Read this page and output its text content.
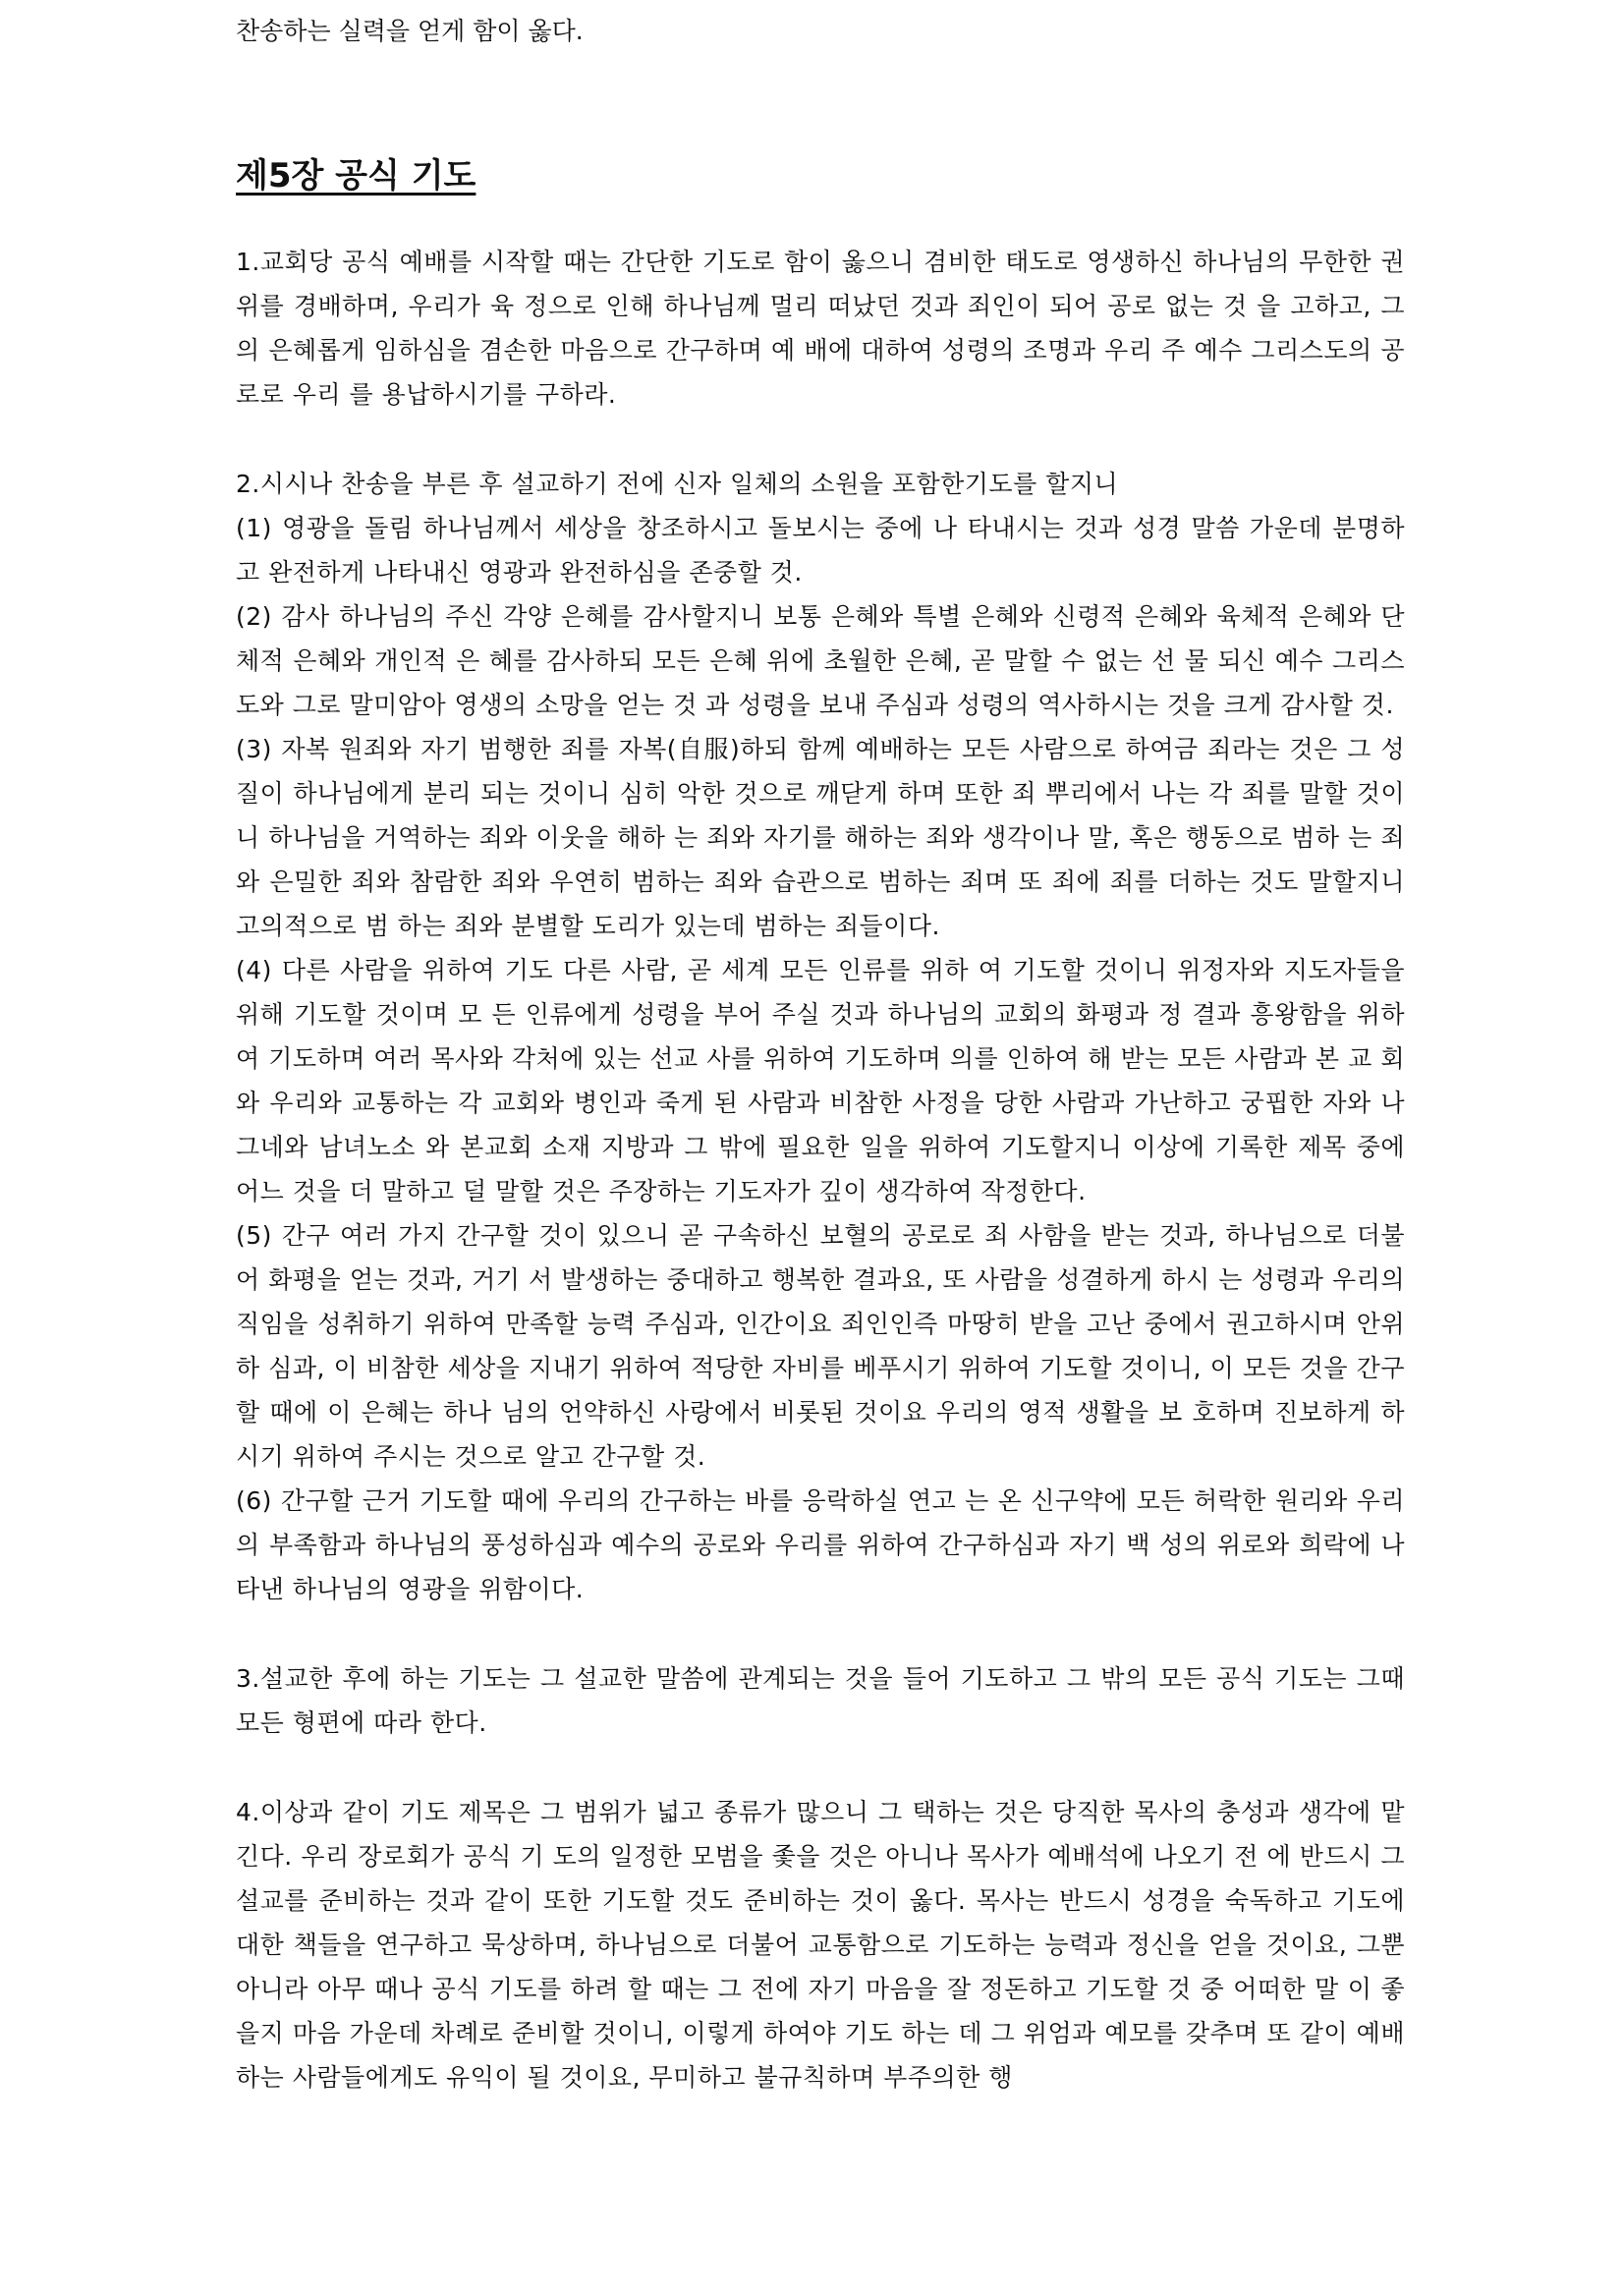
찬송하는 실력을 얻게 함이 옳다.

제5장 공식 기도

1.교회당 공식 예배를 시작할 때는 간단한 기도로 함이 옳으니 겸비한 태도로 영생하신 하나님의 무한한 권위를 경배하며, 우리가 육 정으로 인해 하나님께 멀리 떠났던 것과 죄인이 되어 공로 없는 것 을 고하고, 그의 은혜롭게 임하심을 겸손한 마음으로 간구하며 예 배에 대하여 성령의 조명과 우리 주 예수 그리스도의 공로로 우리 를 용납하시기를 구하라.

2.시시나 찬송을 부른 후 설교하기 전에 신자 일체의 소원을 포함한기도를 할지니

(1) 영광을 돌림 하나님께서 세상을 창조하시고 돌보시는 중에 나 타내시는 것과 성경 말씀 가운데 분명하고 완전하게 나타내신 영광과 완전하심을 존중할 것.

(2) 감사 하나님의 주신 각양 은혜를 감사할지니 보통 은혜와 특별 은혜와 신령적 은혜와 육체적 은혜와 단체적 은혜와 개인적 은 혜를 감사하되 모든 은혜 위에 초월한 은혜, 곧 말할 수 없는 선 물 되신 예수 그리스도와 그로 말미암아 영생의 소망을 얻는 것 과 성령을 보내 주심과 성령의 역사하시는 것을 크게 감사할 것.

(3) 자복 원죄와 자기 범행한 죄를 자복(自服)하되 함께 예배하는 모든 사람으로 하여금 죄라는 것은 그 성질이 하나님에게 분리 되는 것이니 심히 악한 것으로 깨닫게 하며 또한 죄 뿌리에서 나는 각 죄를 말할 것이니 하나님을 거역하는 죄와 이웃을 해하 는 죄와 자기를 해하는 죄와 생각이나 말, 혹은 행동으로 범하 는 죄와 은밀한 죄와 참람한 죄와 우연히 범하는 죄와 습관으로 범하는 죄며 또 죄에 죄를 더하는 것도 말할지니 고의적으로 범 하는 죄와 분별할 도리가 있는데 범하는 죄들이다.

(4) 다른 사람을 위하여 기도 다른 사람, 곧 세계 모든 인류를 위하 여 기도할 것이니 위정자와 지도자들을 위해 기도할 것이며 모 든 인류에게 성령을 부어 주실 것과 하나님의 교회의 화평과 정 결과 흥왕함을 위하여 기도하며 여러 목사와 각처에 있는 선교 사를 위하여 기도하며 의를 인하여 해 받는 모든 사람과 본 교 회와 우리와 교통하는 각 교회와 병인과 죽게 된 사람과 비참한 사정을 당한 사람과 가난하고 궁핍한 자와 나그네와 남녀노소 와 본교회 소재 지방과 그 밖에 필요한 일을 위하여 기도할지니 이상에 기록한 제목 중에 어느 것을 더 말하고 덜 말할 것은 주장하는 기도자가 깊이 생각하여 작정한다.

(5) 간구 여러 가지 간구할 것이 있으니 곧 구속하신 보혈의 공로로 죄 사함을 받는 것과, 하나님으로 더불어 화평을 얻는 것과, 거기 서 발생하는 중대하고 행복한 결과요, 또 사람을 성결하게 하시 는 성령과 우리의 직임을 성취하기 위하여 만족할 능력 주심과, 인간이요 죄인인즉 마땅히 받을 고난 중에서 권고하시며 안위하 심과, 이 비참한 세상을 지내기 위하여 적당한 자비를 베푸시기 위하여 기도할 것이니, 이 모든 것을 간구할 때에 이 은혜는 하나 님의 언약하신 사랑에서 비롯된 것이요 우리의 영적 생활을 보 호하며 진보하게 하시기 위하여 주시는 것으로 알고 간구할 것.

(6) 간구할 근거 기도할 때에 우리의 간구하는 바를 응락하실 연고 는 온 신구약에 모든 허락한 원리와 우리의 부족함과 하나님의 풍성하심과 예수의 공로와 우리를 위하여 간구하심과 자기 백 성의 위로와 희락에 나타낸 하나님의 영광을 위함이다.

3.설교한 후에 하는 기도는 그 설교한 말씀에 관계되는 것을 들어 기도하고 그 밖의 모든 공식 기도는 그때 모든 형편에 따라 한다.

4.이상과 같이 기도 제목은 그 범위가 넓고 종류가 많으니 그 택하는 것은 당직한 목사의 충성과 생각에 맡긴다. 우리 장로회가 공식 기 도의 일정한 모범을 좇을 것은 아니나 목사가 예배석에 나오기 전 에 반드시 그 설교를 준비하는 것과 같이 또한 기도할 것도 준비하는 것이 옳다. 목사는 반드시 성경을 숙독하고 기도에 대한 책들을 연구하고 묵상하며, 하나님으로 더불어 교통함으로 기도하는 능력과 정신을 얻을 것이요, 그뿐 아니라 아무 때나 공식 기도를 하려 할 때는 그 전에 자기 마음을 잘 정돈하고 기도할 것 중 어떠한 말 이 좋을지 마음 가운데 차례로 준비할 것이니, 이렇게 하여야 기도 하는 데 그 위엄과 예모를 갖추며 또 같이 예배하는 사람들에게도 유익이 될 것이요, 무미하고 불규칙하며 부주의한 행
